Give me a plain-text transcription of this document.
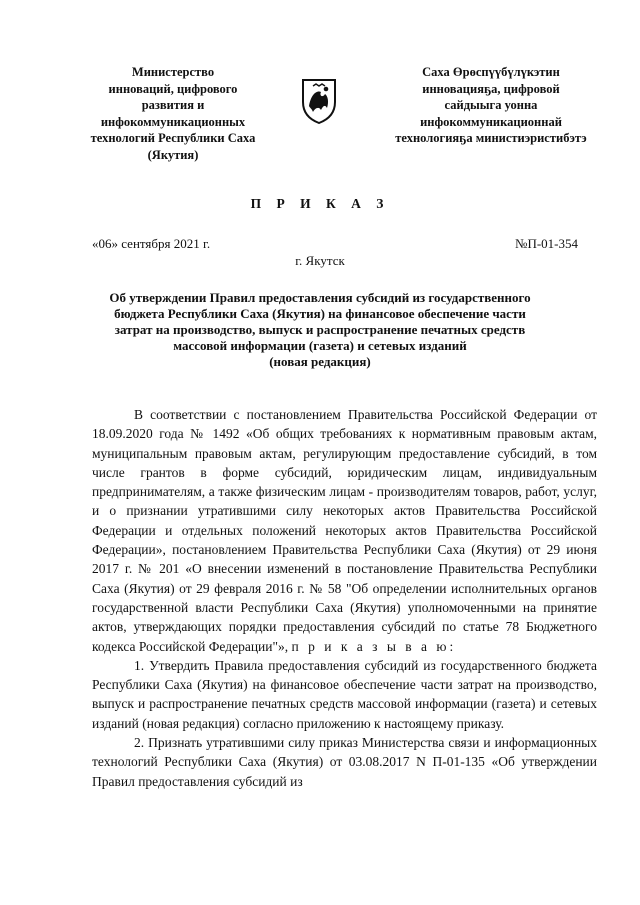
Министерство
инноваций, цифрового
развития и
инфокоммуникационных
технологий Республики Саха
(Якутия)
Саха Өрөспүүбүлүкэтин
инновацияҕа, цифровой
сайдыыга уонна
инфокоммуникационнай
технологияҕа министиэристибэтэ
П Р И К А З
«06» сентября 2021 г.	№П-01-354
г. Якутск
Об утверждении Правил предоставления субсидий из государственного
бюджета Республики Саха (Якутия) на финансовое обеспечение части
затрат на производство, выпуск и распространение печатных средств
массовой информации (газета) и сетевых изданий
(новая редакция)

В соответствии с постановлением Правительства Российской Федерации от 18.09.2020 года № 1492 «Об общих требованиях к нормативным правовым актам, муниципальным правовым актам, регулирующим предоставление субсидий, в том числе грантов в форме субсидий, юридическим лицам, индивидуальным предпринимателям, а также физическим лицам - производителям товаров, работ, услуг, и о признании утратившими силу некоторых актов Правительства Российской Федерации и отдельных положений некоторых актов Правительства Российской Федерации», постановлением Правительства Республики Саха (Якутия) от 29 июня 2017 г. № 201 «О внесении изменений в постановление Правительства Республики Саха (Якутия) от 29 февраля 2016 г. № 58 "Об определении исполнительных органов государственной власти Республики Саха (Якутия) уполномоченными на принятие актов, утверждающих порядки предоставления субсидий по статье 78 Бюджетного кодекса Российской Федерации"», п р и к а з ы в а ю:

1. Утвердить Правила предоставления субсидий из государственного бюджета Республики Саха (Якутия) на финансовое обеспечение части затрат на производство, выпуск и распространение печатных средств массовой информации (газета) и сетевых изданий (новая редакция) согласно приложению к настоящему приказу.

2. Признать утратившими силу приказ Министерства связи и информационных технологий Республики Саха (Якутия) от 03.08.2017 N П-01-135 «Об утверждении Правил предоставления субсидий из
